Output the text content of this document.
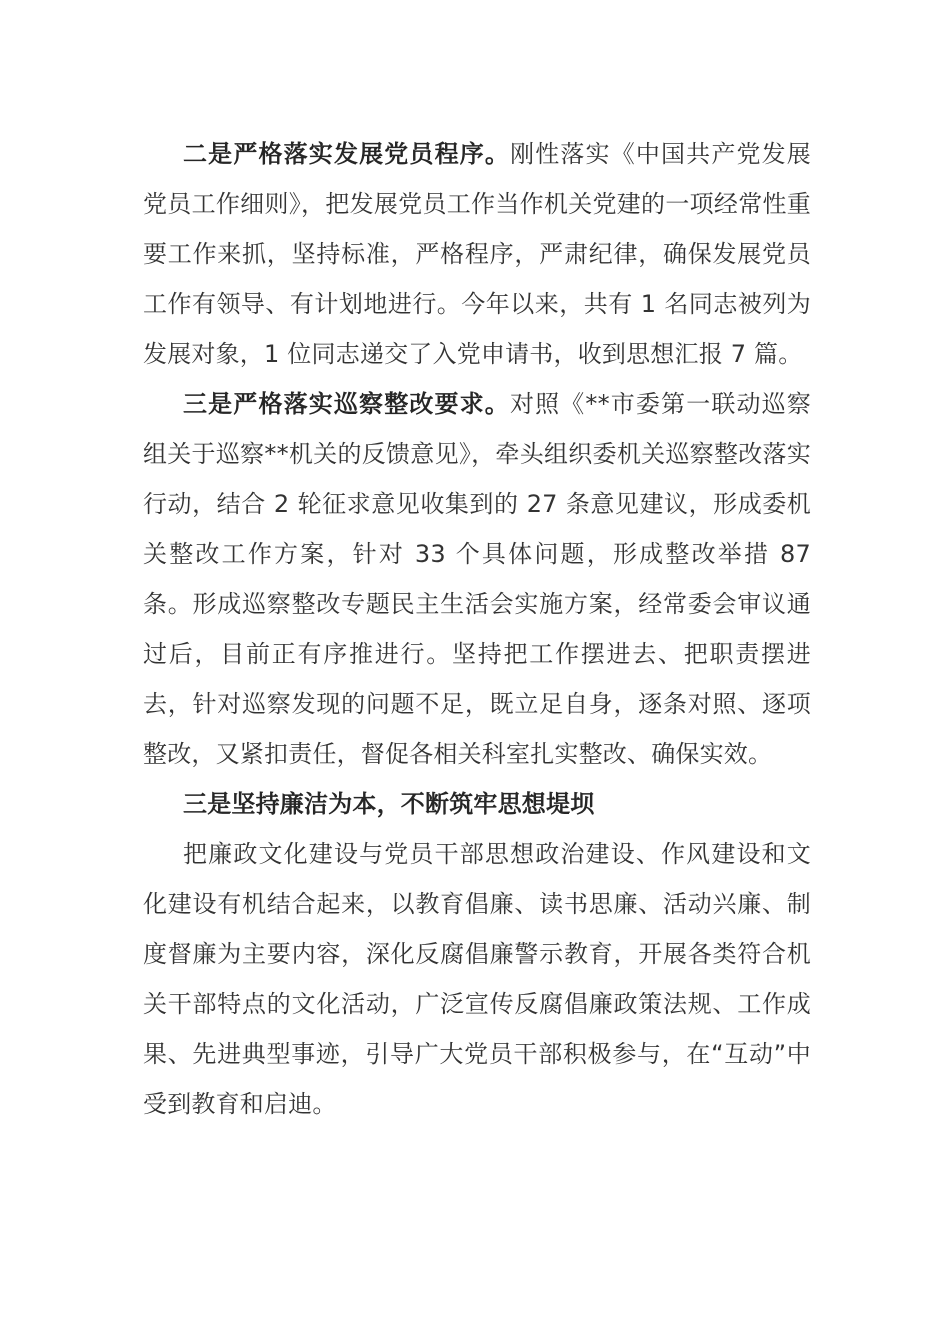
二是严格落实发展党员程序。刚性落实《中国共产党发展党员工作细则》，把发展党员工作当作机关党建的一项经常性重要工作来抓，坚持标准，严格程序，严肃纪律，确保发展党员工作有领导、有计划地进行。今年以来，共有 1 名同志被列为发展对象，1 位同志递交了入党申请书，收到思想汇报 7 篇。

三是严格落实巡察整改要求。对照《**市委第一联动巡察组关于巡察**机关的反馈意见》，牵头组织委机关巡察整改落实行动，结合 2 轮征求意见收集到的 27 条意见建议，形成委机关整改工作方案，针对 33 个具体问题，形成整改举措 87 条。形成巡察整改专题民主生活会实施方案，经常委会审议通过后，目前正有序推进行。坚持把工作摆进去、把职责摆进去，针对巡察发现的问题不足，既立足自身，逐条对照、逐项整改，又紧扣责任，督促各相关科室扎实整改、确保实效。

三是坚持廉洁为本，不断筑牢思想堤坝

把廉政文化建设与党员干部思想政治建设、作风建设和文化建设有机结合起来，以教育倡廉、读书思廉、活动兴廉、制度督廉为主要内容，深化反腐倡廉警示教育，开展各类符合机关干部特点的文化活动，广泛宣传反腐倡廉政策法规、工作成果、先进典型事迹，引导广大党员干部积极参与，在“互动”中受到教育和启迪。
